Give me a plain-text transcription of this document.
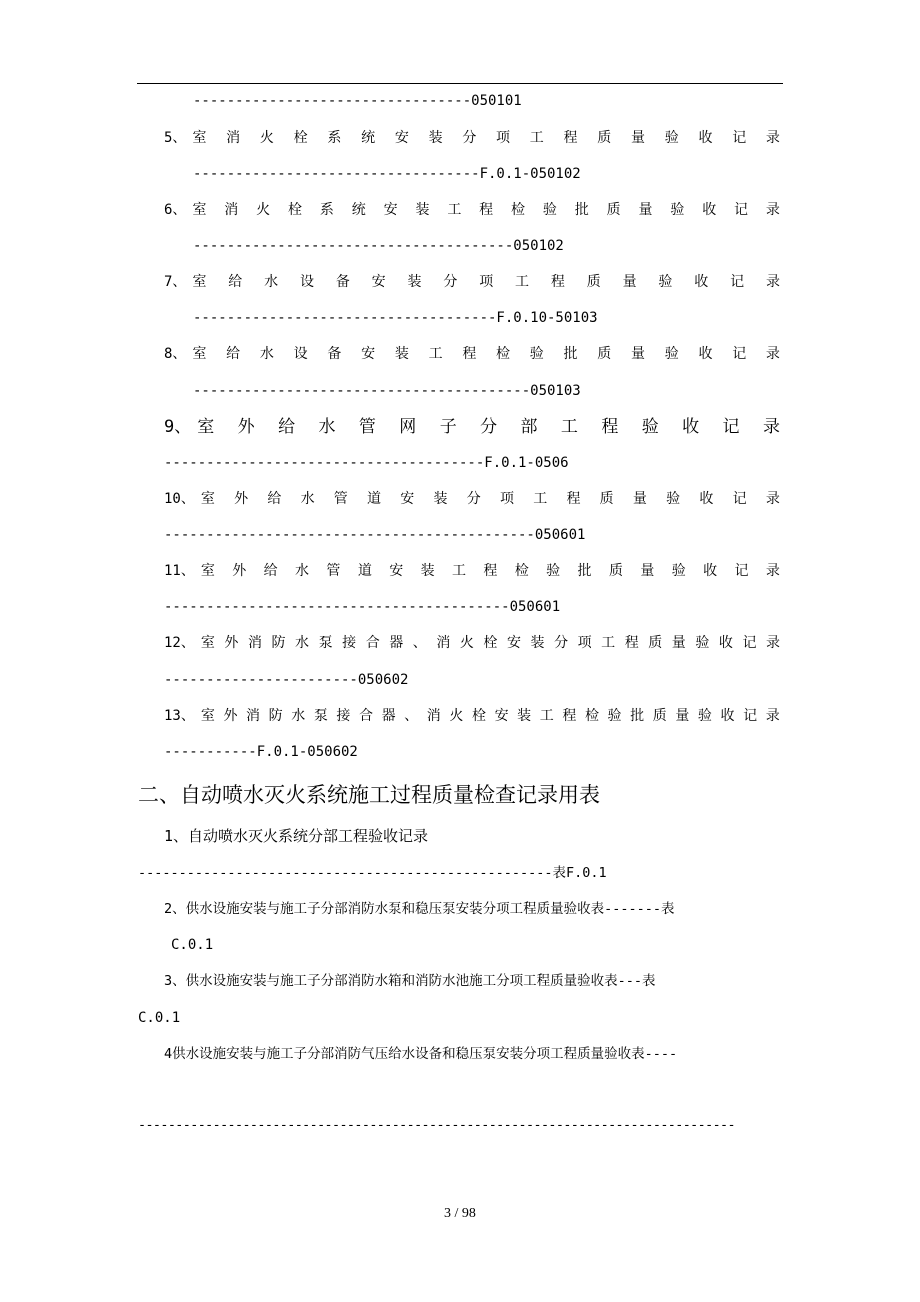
---------------------------------050101
5、 室 消 火 栓 系 统 安 装 分 项 工 程 质 量 验 收 记 录
----------------------------------F.0.1-050102
6、 室 消 火 栓 系 统 安 装 工 程 检 验 批 质 量 验 收 记 录
--------------------------------------050102
7、 室 给 水 设 备 安 装 分 项 工 程 质 量 验 收 记 录
------------------------------------F.0.10-50103
8、 室 给 水 设 备 安 装 工 程 检 验 批 质 量 验 收 记 录
----------------------------------------050103
9、 室 外 给 水 管 网 子 分 部 工 程 验 收 记 录
--------------------------------------F.0.1-0506
10、 室 外 给 水 管 道 安 装 分 项 工 程 质 量 验 收 记 录
--------------------------------------------050601
11、 室 外 给 水 管 道 安 装 工 程 检 验 批 质 量 验 收 记 录
-----------------------------------------050601
12、 室 外 消 防 水 泵 接 合 器 、 消 火 栓 安 装 分 项 工 程 质 量 验 收 记 录
-----------------------050602
13、 室 外 消 防 水 泵 接 合 器 、 消 火 栓 安 装 工 程 检 验 批 质 量 验 收 记 录
-----------F.0.1-050602
二、自动喷水灭火系统施工过程质量检查记录用表
1、自动喷水灭火系统分部工程验收记录
---------------------------------------------------表F.0.1
2、供水设施安装与施工子分部消防水泵和稳压泵安装分项工程质量验收表-------表
C.0.1
3、供水设施安装与施工子分部消防水箱和消防水池施工分项工程质量验收表---表
C.0.1
4供水设施安装与施工子分部消防气压给水设备和稳压泵安装分项工程质量验收表----
--------------------------------------------------------------------------------
3 / 98
